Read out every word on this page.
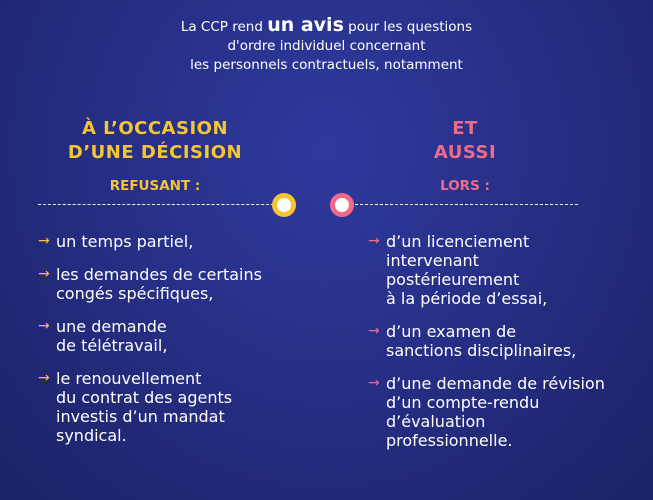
La CCP rend un avis pour les questions
d'ordre individuel concernant
les personnels contractuels, notamment
À L’OCCASION
D’UNE DÉCISION
ET
AUSSI
REFUSANT :	LORS :
→ un temps partiel,
→ les demandes de certains
congés spécifiques,
→ une demande
de télétravail,
→ le renouvellement
du contrat des agents
investis d’un mandat
syndical.
→ d’un licenciement
intervenant
postérieurement
à la période d’essai,
→ d’un examen de
sanctions disciplinaires,
→ d’une demande de révision
d’un compte-rendu
d’évaluation
professionnelle.
